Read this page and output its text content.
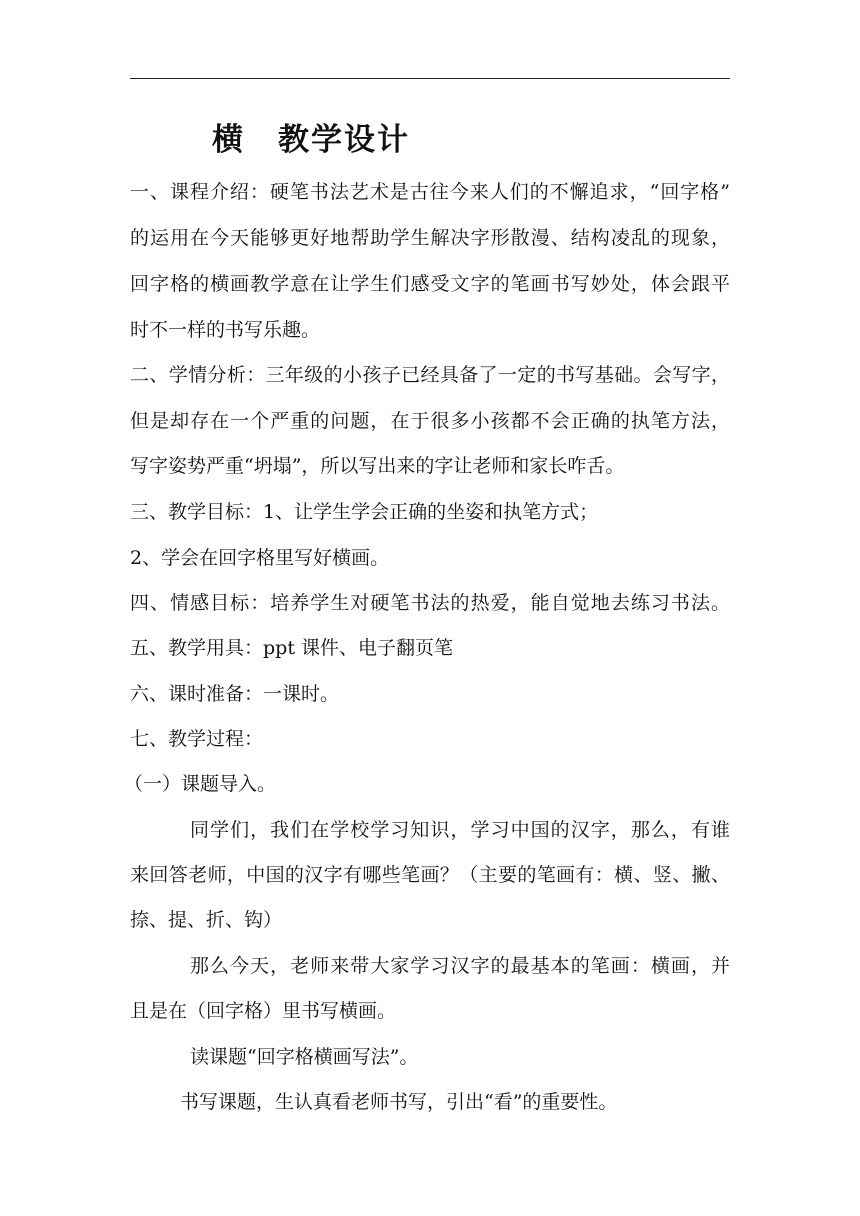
横　教学设计
一、课程介绍：硬笔书法艺术是古往今来人们的不懈追求，“回字格”
的运用在今天能够更好地帮助学生解决字形散漫、结构凌乱的现象，
回字格的横画教学意在让学生们感受文字的笔画书写妙处，体会跟平
时不一样的书写乐趣。
二、学情分析：三年级的小孩子已经具备了一定的书写基础。会写字，
但是却存在一个严重的问题，在于很多小孩都不会正确的执笔方法，
写字姿势严重“坍塌”，所以写出来的字让老师和家长咋舌。
三、教学目标：1、让学生学会正确的坐姿和执笔方式；
2、学会在回字格里写好横画。
四、情感目标：培养学生对硬笔书法的热爱，能自觉地去练习书法。
五、教学用具：ppt 课件、电子翻页笔
六、课时准备：一课时。
七、教学过程：
（一）课题导入。
同学们，我们在学校学习知识，学习中国的汉字，那么，有谁
来回答老师，中国的汉字有哪些笔画？（主要的笔画有：横、竖、撇、
捺、提、折、钩）
那么今天，老师来带大家学习汉字的最基本的笔画：横画，并
且是在（回字格）里书写横画。
读课题“回字格横画写法”。
书写课题，生认真看老师书写，引出“看”的重要性。
